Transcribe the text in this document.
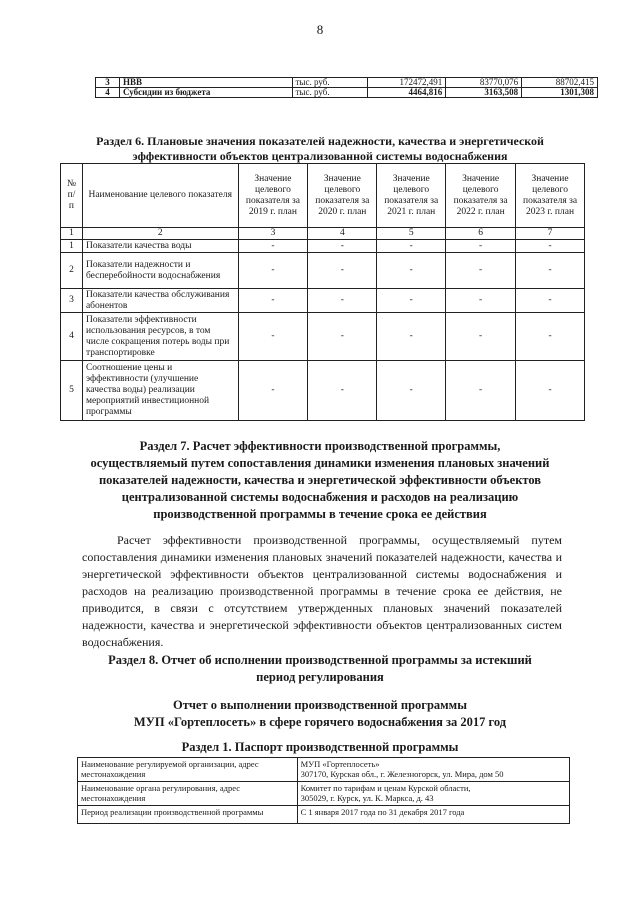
8
3	НВВ	тыс. руб.	172472,491	83770,076	88702,415
4	Субсидии из бюджета	тыс. руб.	4464,816	3163,508	1301,308
Раздел 6. Плановые значения показателей надежности, качества и энергетической
эффективности объектов централизованной системы водоснабжения
№ п/ п	Наименование целевого показателя	Значение целевого показателя за 2019 г. план	Значение целевого показателя за 2020 г. план	Значение целевого показателя за 2021 г. план	Значение целевого показателя за 2022 г. план	Значение целевого показателя за 2023 г. план
1	2	3	4	5	6	7
1	Показатели качества воды	-	-	-	-	-
2	Показатели надежности и бесперебойности водоснабжения	-	-	-	-	-
3	Показатели качества обслуживания абонентов	-	-	-	-	-
4	Показатели эффективности использования ресурсов, в том числе сокращения потерь воды при транспортировке	-	-	-	-	-
5	Соотношение цены и эффективности (улучшение качества воды) реализации мероприятий инвестиционной программы	-	-	-	-	-
Раздел 7. Расчет эффективности производственной программы,
осуществляемый путем сопоставления динамики изменения плановых значений
показателей надежности, качества и энергетической эффективности объектов
централизованной системы водоснабжения и расходов на реализацию
производственной программы в течение срока ее действия
Расчет эффективности производственной программы, осуществляемый путем сопоставления динамики изменения плановых значений показателей надежности, качества и энергетической эффективности объектов централизованной системы водоснабжения и расходов на реализацию производственной программы в течение срока ее действия, не приводится, в связи с отсутствием утвержденных плановых значений показателей надежности, качества и энергетической эффективности объектов централизованных систем водоснабжения.
Раздел 8. Отчет об исполнении производственной программы за истекший
период регулирования
Отчет о выполнении производственной программы
МУП «Гортеплосеть» в сфере горячего водоснабжения за 2017 год
Раздел 1. Паспорт производственной программы
Наименование регулируемой организации, адрес местонахождения	МУП «Гортеплосеть»
307170, Курская обл., г. Железногорск, ул. Мира, дом 50

Наименование органа регулирования, адрес местонахождения	Комитет по тарифам и ценам Курской области,
305029, г. Курск, ул. К. Маркса, д. 43

Период реализации производственной программы	С 1 января 2017 года по 31 декабря 2017 года
